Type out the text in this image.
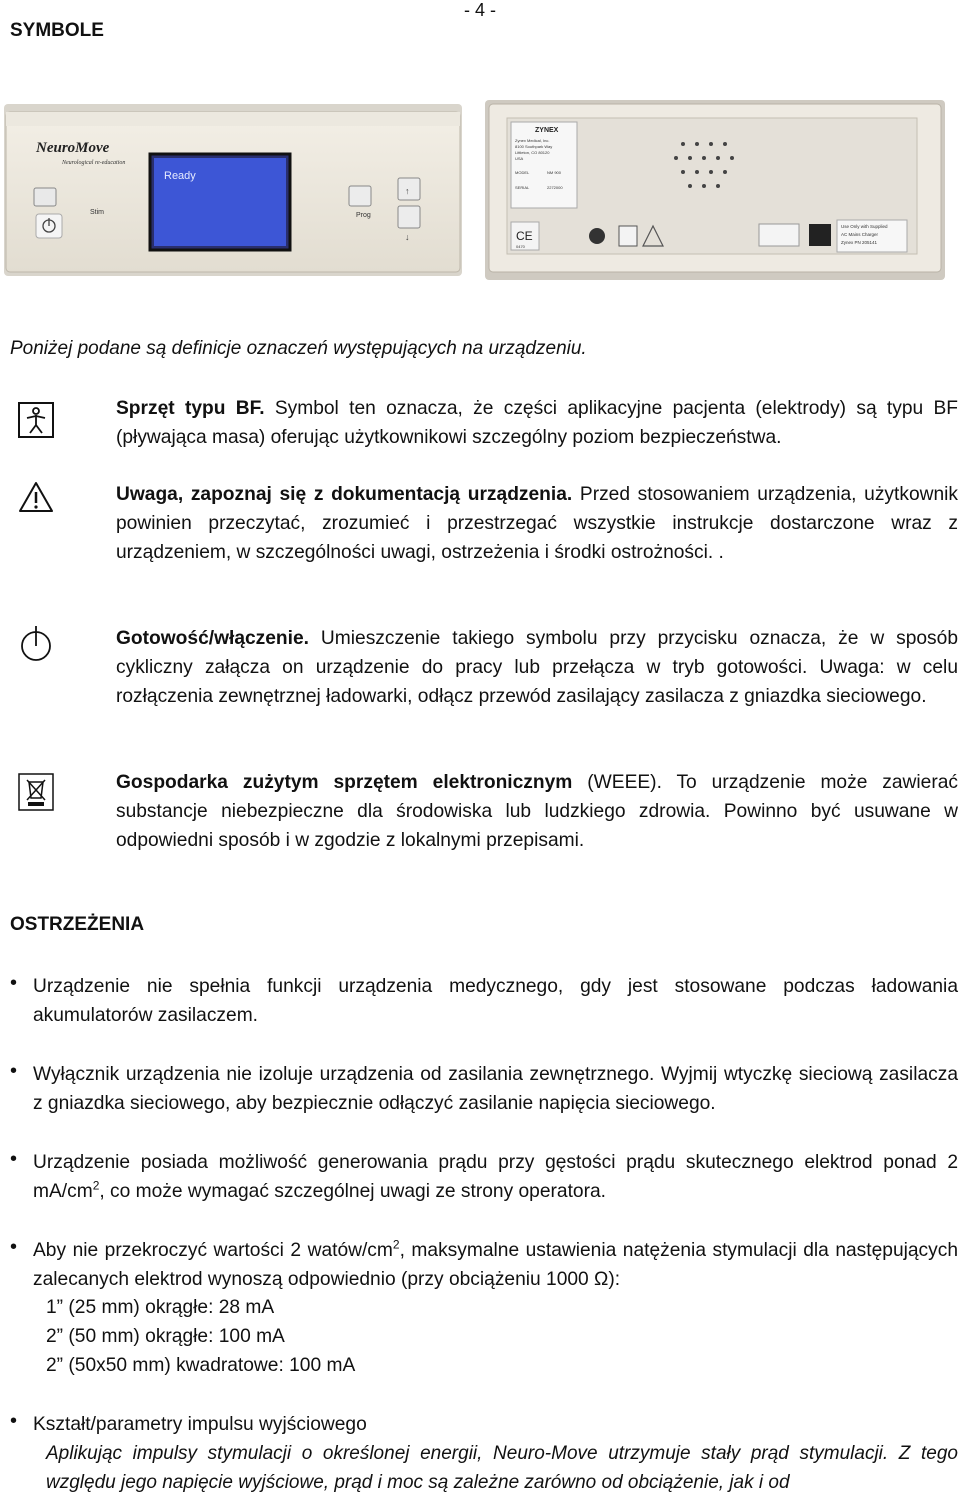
- 4 -
SYMBOLE
NeuroMove
Neurological re-education
Ready
Stim	Prog
↑
↓
ZYNEX
Zynex Medical, Inc.
8100 Southpark Way
Littleton, CO 80120
USA
MODEL	NM 900
SERIAL	2272000
CE
0470
Use Only with Supplied
AC Mains Charger
Zynex PN 205141
Poniżej podane są definicje oznaczeń występujących na urządzeniu.
Sprzęt typu BF. Symbol ten oznacza, że części aplikacyjne pacjenta (elektrody) są typu BF (pływająca masa) oferując użytkownikowi szczególny poziom bezpieczeństwa.
Uwaga, zapoznaj się z dokumentacją urządzenia. Przed stosowaniem urządzenia, użytkownik powinien przeczytać, zrozumieć i przestrzegać wszystkie instrukcje dostarczone wraz z urządzeniem, w szczególności uwagi, ostrzeżenia i środki ostrożności. .
Gotowość/włączenie. Umieszczenie takiego symbolu przy przycisku oznacza, że w sposób cykliczny załącza on urządzenie do pracy lub przełącza w tryb gotowości. Uwaga: w celu rozłączenia zewnętrznej ładowarki, odłącz przewód zasilający zasilacza z gniazdka sieciowego.
Gospodarka zużytym sprzętem elektronicznym (WEEE). To urządzenie może zawierać substancje niebezpieczne dla środowiska lub ludzkiego zdrowia. Powinno być usuwane w odpowiedni sposób i w zgodzie z lokalnymi przepisami.
OSTRZEŻENIA
• Urządzenie nie spełnia funkcji urządzenia medycznego, gdy jest stosowane podczas ładowania akumulatorów zasilaczem.
• Wyłącznik urządzenia nie izoluje urządzenia od zasilania zewnętrznego. Wyjmij wtyczkę sieciową zasilacza z gniazdka sieciowego, aby bezpiecznie odłączyć zasilanie napięcia sieciowego.
• Urządzenie posiada możliwość generowania prądu przy gęstości prądu skutecznego elektrod ponad 2 $mA/cm^2$, co może wymagać szczególnej uwagi ze strony operatora.
• Aby nie przekroczyć wartości 2 watów/$cm^2$, maksymalne ustawienia natężenia stymulacji dla następujących zalecanych elektrod wynoszą odpowiednio (przy obciążeniu 1000 Ω):
1” (25 mm) okrągłe: 28 mA
2” (50 mm) okrągłe: 100 mA
2” (50x50 mm) kwadratowe: 100 mA
• Kształt/parametry impulsu wyjściowego
Aplikując impulsy stymulacji o określonej energii, Neuro-Move utrzymuje stały prąd stymulacji. Z tego względu jego napięcie wyjściowe, prąd i moc są zależne zarówno od obciążenie, jak i od
